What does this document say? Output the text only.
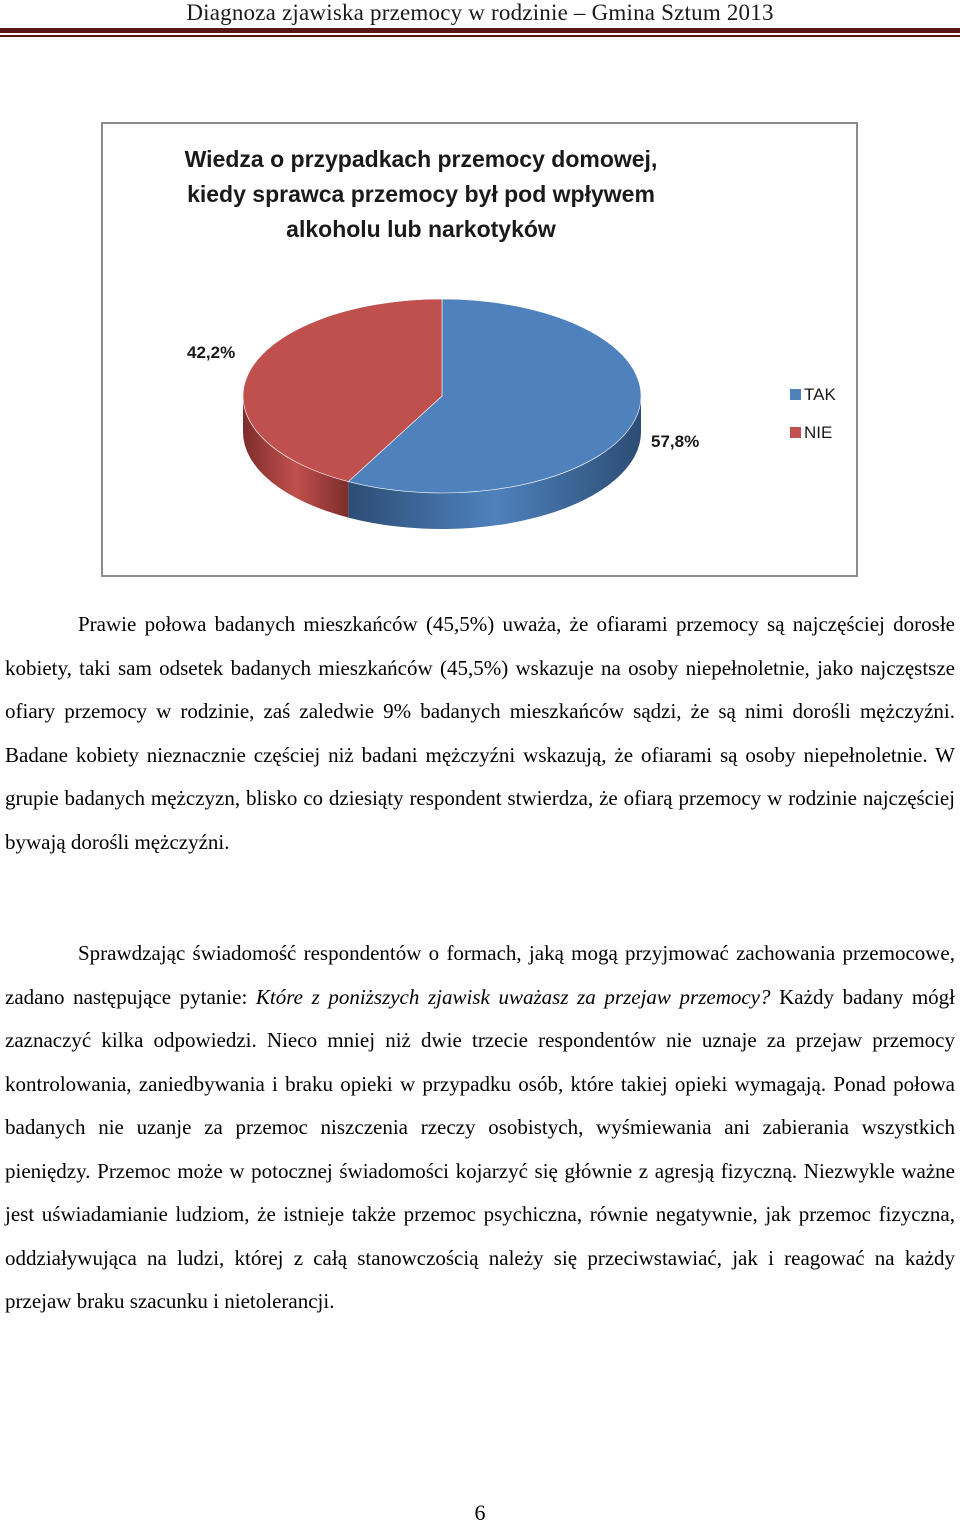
Diagnoza zjawiska przemocy w rodzinie – Gmina Sztum 2013
Wiedza o przypadkach przemocy domowej,
kiedy sprawca przemocy był pod wpływem
alkoholu lub narkotyków
42,2%
57,8%
TAK
NIE

Prawie połowa badanych mieszkańców (45,5%) uważa, że ofiarami przemocy są najczęściej dorosłe kobiety, taki sam odsetek badanych mieszkańców (45,5%) wskazuje na osoby niepełnoletnie, jako najczęstsze ofiary przemocy w rodzinie, zaś zaledwie 9% badanych mieszkańców sądzi, że są nimi dorośli mężczyźni. Badane kobiety nieznacznie częściej niż badani mężczyźni wskazują, że ofiarami są osoby niepełnoletnie. W grupie badanych mężczyzn, blisko co dziesiąty respondent stwierdza, że ofiarą przemocy w rodzinie najczęściej bywają dorośli mężczyźni.

Sprawdzając świadomość respondentów o formach, jaką mogą przyjmować zachowania przemocowe, zadano następujące pytanie: Które z poniższych zjawisk uważasz za przejaw przemocy? Każdy badany mógł zaznaczyć kilka odpowiedzi. Nieco mniej niż dwie trzecie respondentów nie uznaje za przejaw przemocy kontrolowania, zaniedbywania i braku opieki w przypadku osób, które takiej opieki wymagają. Ponad połowa badanych nie uzanje za przemoc niszczenia rzeczy osobistych, wyśmiewania ani zabierania wszystkich pieniędzy. Przemoc może w potocznej świadomości kojarzyć się głównie z agresją fizyczną. Niezwykle ważne jest uświadamianie ludziom, że istnieje także przemoc psychiczna, równie negatywnie, jak przemoc fizyczna, oddziaływująca na ludzi, której z całą stanowczością należy się przeciwstawiać, jak i reagować na każdy przejaw braku szacunku i nietolerancji.

6
